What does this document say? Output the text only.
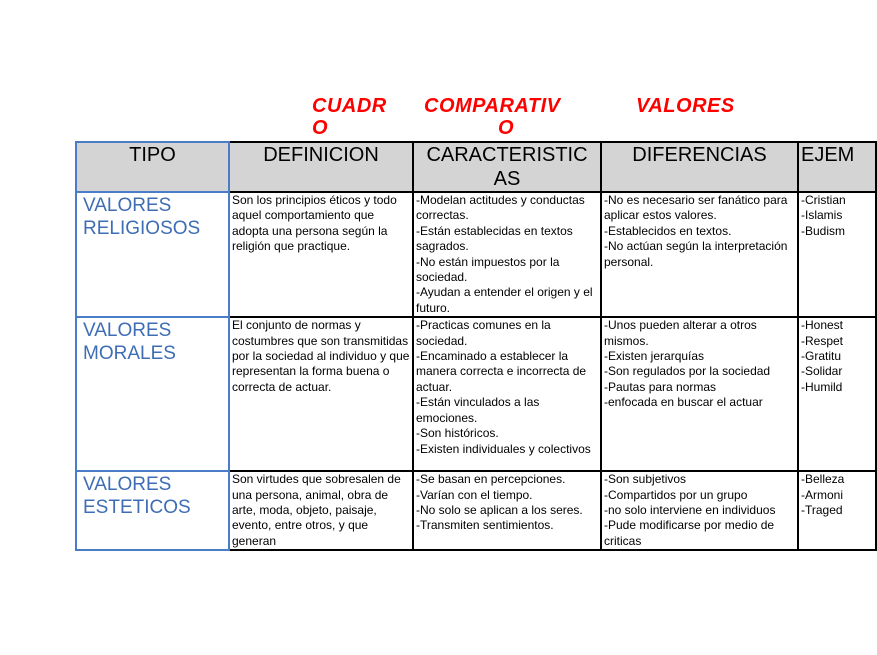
CUADR
O
COMPARATIV
O
VALORES
TIPO	DEFINICION	CARACTERISTIC AS	DIFERENCIAS	EJEM
VALORES RELIGIOSOS	Son los principios éticos y todo aquel comportamiento que adopta una persona según la religión que practique.	-Modelan actitudes y conductas correctas.
-Están establecidas en textos sagrados.
-No están impuestos por la sociedad.
-Ayudan a entender el origen y el futuro.	-No es necesario ser fanático para aplicar estos valores.
-Establecidos en textos.
-No actúan según la interpretación personal.	-Cristian
-Islamis
-Budism

VALORES MORALES	El conjunto de normas y costumbres que son transmitidas por la sociedad al individuo y que representan la forma buena o correcta de actuar.	-Practicas comunes en la sociedad.
-Encaminado a establecer la manera correcta e incorrecta de actuar.
-Están vinculados a las emociones.
-Son históricos.
-Existen individuales y colectivos	-Unos pueden alterar a otros mismos.
-Existen jerarquías
-Son regulados por la sociedad
-Pautas para normas
-enfocada en buscar el actuar	-Honest
-Respet
-Gratitu
-Solidar
-Humild

VALORES ESTETICOS	Son virtudes que sobresalen de una persona, animal, obra de arte, moda, objeto, paisaje, evento, entre otros, y que generan	-Se basan en percepciones.
-Varían con el tiempo.
-No solo se aplican a los seres.
-Transmiten sentimientos.	-Son subjetivos
-Compartidos por un grupo
-no solo interviene en individuos
-Pude modificarse por medio de criticas	-Belleza
-Armoni
-Traged
